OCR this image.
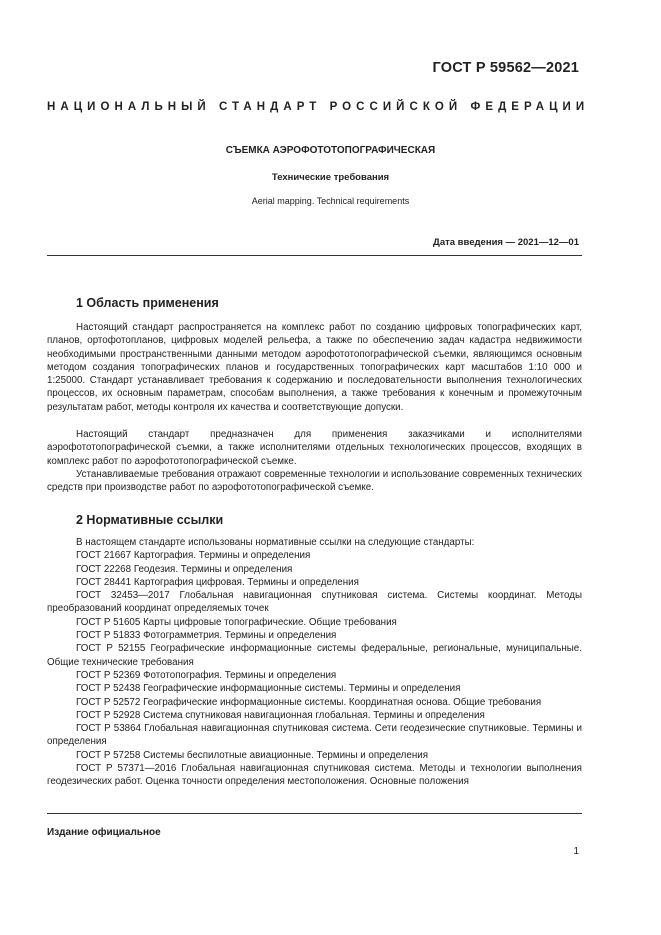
ГОСТ Р 59562—2021
НАЦИОНАЛЬНЫЙ СТАНДАРТ РОССИЙСКОЙ ФЕДЕРАЦИИ
СЪЕМКА АЭРОФОТОТОПОГРАФИЧЕСКАЯ
Технические требования
Aerial mapping. Technical requirements
Дата введения — 2021—12—01
1 Область применения

Настоящий стандарт распространяется на комплекс работ по созданию цифровых топографических карт, планов, ортофотопланов, цифровых моделей рельефа, а также по обеспечению задач кадастра недвижимости необходимыми пространственными данными методом аэрофототопографической съемки, являющимся основным методом создания топографических планов и государственных топографических карт масштабов 1:10 000 и 1:25000. Стандарт устанавливает требования к содержанию и последовательности выполнения технологических процессов, их основным параметрам, способам выполнения, а также требования к конечным и промежуточным результатам работ, методы контроля их качества и соответствующие допуски.

Настоящий стандарт предназначен для применения заказчиками и исполнителями аэрофототопографической съемки, а также исполнителями отдельных технологических процессов, входящих в комплекс работ по аэрофототопографической съемке.

Устанавливаемые требования отражают современные технологии и использование современных технических средств при производстве работ по аэрофототопографической съемке.

2 Нормативные ссылки

В настоящем стандарте использованы нормативные ссылки на следующие стандарты:

ГОСТ 21667 Картография. Термины и определения

ГОСТ 22268 Геодезия. Термины и определения

ГОСТ 28441 Картография цифровая. Термины и определения

ГОСТ 32453—2017 Глобальная навигационная спутниковая система. Системы координат. Методы преобразований координат определяемых точек

ГОСТ Р 51605 Карты цифровые топографические. Общие требования

ГОСТ Р 51833 Фотограмметрия. Термины и определения

ГОСТ Р 52155 Географические информационные системы федеральные, региональные, муниципальные. Общие технические требования

ГОСТ Р 52369 Фототопография. Термины и определения

ГОСТ Р 52438 Географические информационные системы. Термины и определения

ГОСТ Р 52572 Географические информационные системы. Координатная основа. Общие требования

ГОСТ Р 52928 Система спутниковая навигационная глобальная. Термины и определения

ГОСТ Р 53864 Глобальная навигационная спутниковая система. Сети геодезические спутниковые. Термины и определения

ГОСТ Р 57258 Системы беспилотные авиационные. Термины и определения

ГОСТ Р 57371—2016 Глобальная навигационная спутниковая система. Методы и технологии выполнения геодезических работ. Оценка точности определения местоположения. Основные положения

Издание официальное
1
